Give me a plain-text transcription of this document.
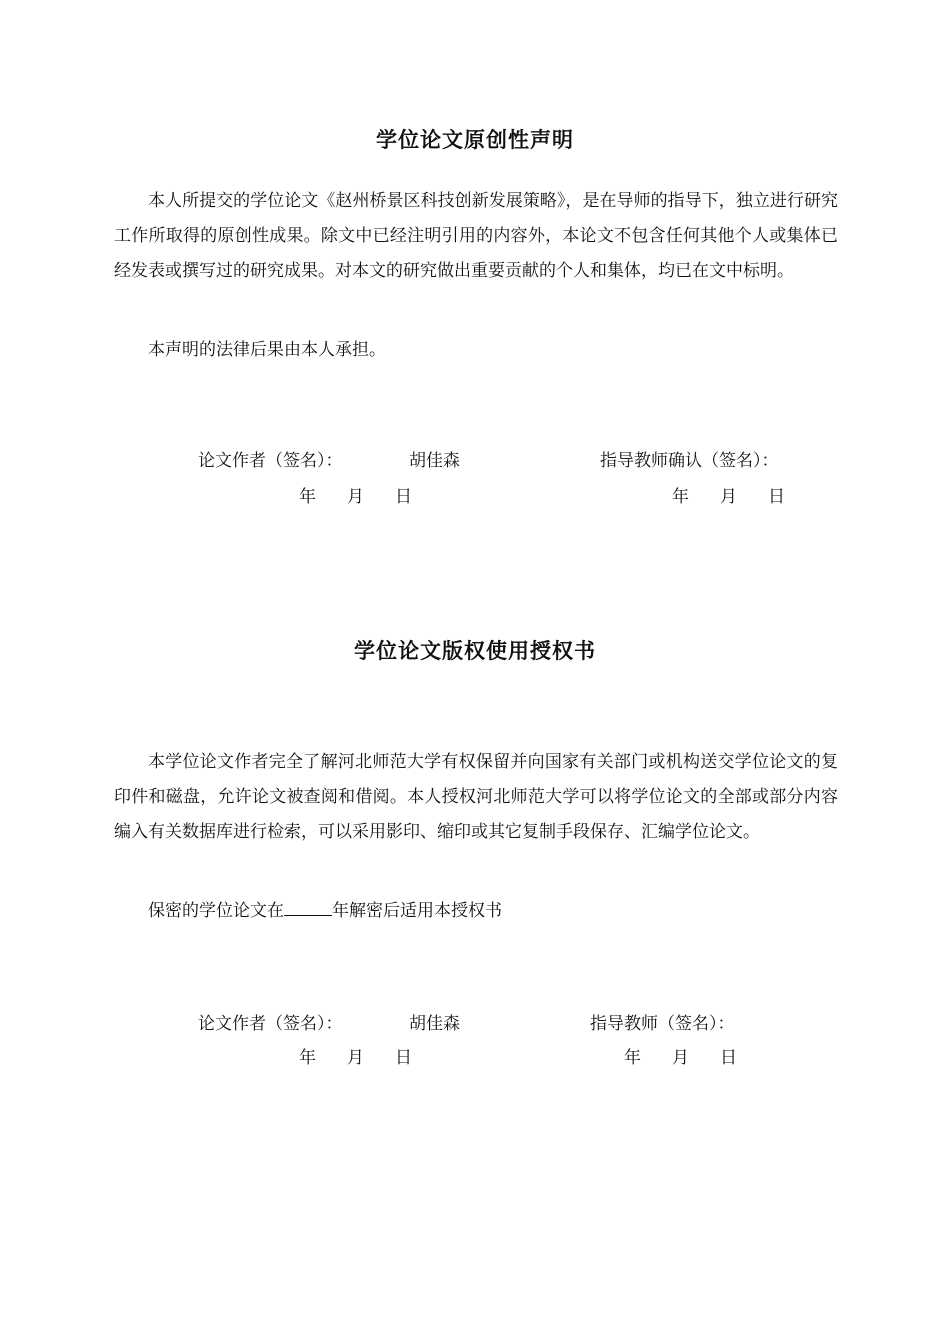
学位论文原创性声明
本人所提交的学位论文《赵州桥景区科技创新发展策略》，是在导师的指导下，独立进行研究工作所取得的原创性成果。除文中已经注明引用的内容外，本论文不包含任何其他个人或集体已经发表或撰写过的研究成果。对本文的研究做出重要贡献的个人和集体，均已在文中标明。
本声明的法律后果由本人承担。
论文作者（签名）：	胡佳森	指导教师确认（签名）：
年 月 日	年 月 日
学位论文版权使用授权书
本学位论文作者完全了解河北师范大学有权保留并向国家有关部门或机构送交学位论文的复印件和磁盘，允许论文被查阅和借阅。本人授权河北师范大学可以将学位论文的全部或部分内容编入有关数据库进行检索，可以采用影印、缩印或其它复制手段保存、汇编学位论文。
保密的学位论文在	年解密后适用本授权书
论文作者（签名）：	胡佳森	指导教师（签名）：
年 月 日	年 月 日
